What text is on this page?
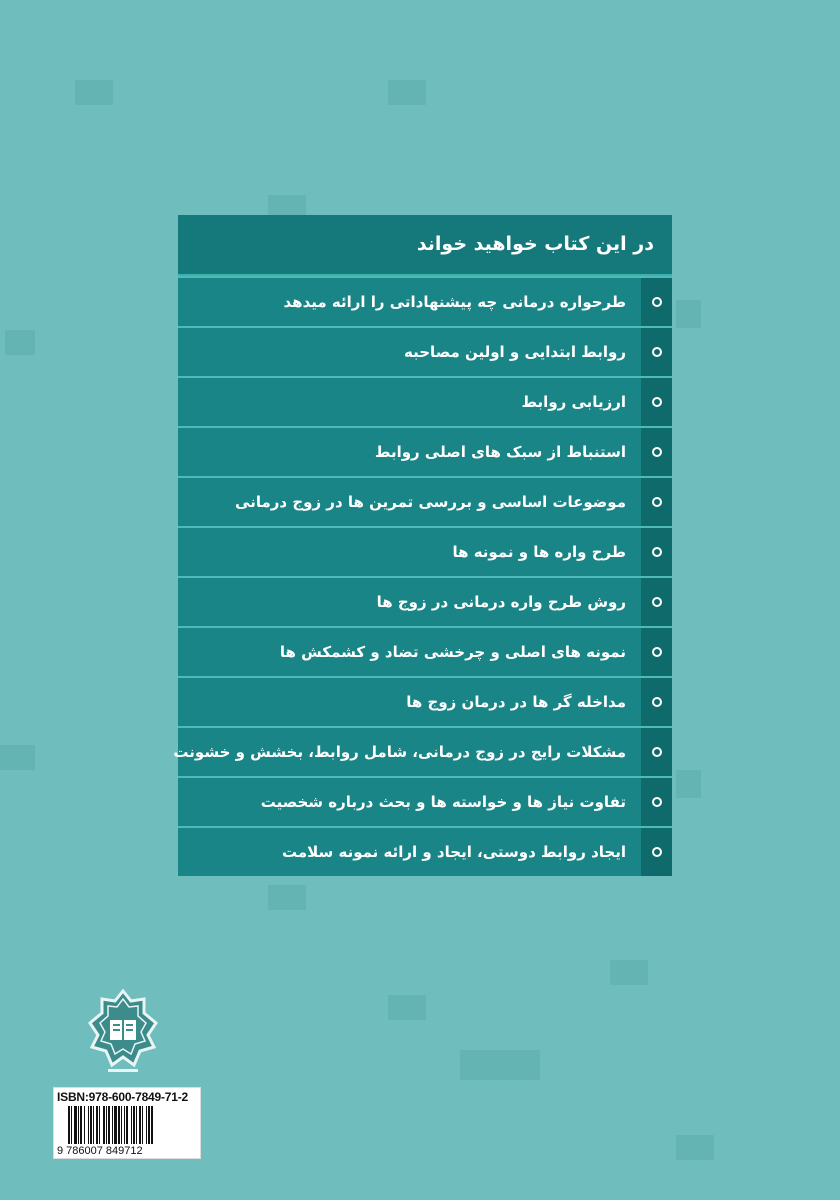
در این کتاب خواهید خواند
طرحواره درمانی چه پیشنهاداتی را ارائه میدهد
روابط ابتدایی و اولین مصاحبه
ارزیابی روابط
استنباط از سبک های اصلی روابط
موضوعات اساسی و بررسی تمرین ها در زوج درمانی
طرح واره ها و نمونه ها
روش طرح واره درمانی در زوج ها
نمونه های اصلی و چرخشی تضاد و کشمکش ها
مداخله گر ها در درمان زوج ها
مشکلات رایج در زوج درمانی، شامل روابط، بخشش و خشونت
تفاوت نیاز ها و خواسته ها و بحث درباره شخصیت
ایجاد روابط دوستی، ایجاد و ارائه نمونه سلامت
ISBN:978-600-7849-71-2
9 786007 849712
